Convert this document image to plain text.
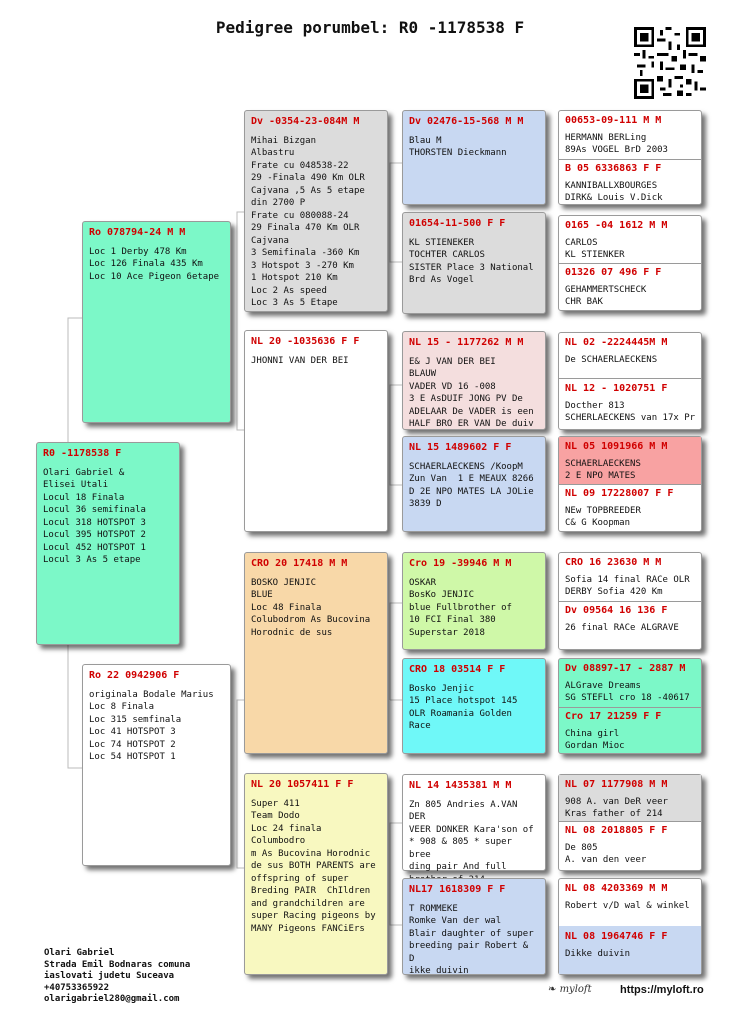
Pedigree porumbel: R0 -1178538 F
R0 -1178538 F
Olari Gabriel &
Elisei Utali
Locul 18 Finala
Locul 36 semifinala
Locul 318 HOTSPOT 3
Locul 395 HOTSPOT 2
Locul 452 HOTSPOT 1
Locul 3 As 5 etape
Ro 078794-24 M M
Loc 1 Derby 478 Km
Loc 126 Finala 435 Km
Loc 10 Ace Pigeon 6etape
Ro 22 0942906 F
originala Bodale Marius
Loc 8 Finala
Loc 315 semfinala
Loc 41 HOTSPOT 3
Loc 74 HOTSPOT 2
Loc 54 HOTSPOT 1
Dv -0354-23-084M M
Mihai Bizgan
Albastru
Frate cu 048538-22
29 -Finala 490 Km OLR
Cajvana ,5 As 5 etape
din 2700 P
Frate cu 080088-24
29 Finala 470 Km OLR
Cajvana
3 Semifinala -360 Km
3 Hotspot 3 -270 Km
1 Hotspot 210 Km
Loc 2 As speed
Loc 3 As 5 Etape
NL 20 -1035636 F F
JHONNI VAN DER BEI
CRO 20 17418 M M
BOSKO JENJIC
BLUE
Loc 48 Finala
Colubodrom As Bucovina
Horodnic de sus
NL 20 1057411 F F
Super 411
Team Dodo
Loc 24 finala Columbodro
m As Bucovina Horodnic
de sus BOTH PARENTS are
offspring of super
Breding PAIR  ChIldren
and grandchildren are
super Racing pigeons by
MANY Pigeons FANCiErs
Dv 02476-15-568 M M
Blau M
THORSTEN Dieckmann
01654-11-500 F F
KL STIENEKER
TOCHTER CARLOS
SISTER Place 3 National
Brd As Vogel
NL 15 - 1177262 M M
E& J VAN DER BEI
BLAUW
VADER VD 16 -008
3 E AsDUIF JONG PV De
ADELAAR De VADER is een
HALF BRO ER VAN De duiv
NL 15 1489602 F F
SCHAERLAECKENS /KoopM
Zun Van  1 E MEAUX 8266
D 2E NPO MATES LA JOLie
3839 D
Cro 19 -39946 M M
OSKAR
BosKo JENJIC
blue Fullbrother of
10 FCI Final 380
Superstar 2018
CRO 18 03514 F F
Bosko Jenjic
15 Place hotspot 145
OLR Roamania Golden Race
NL 14 1435381 M M
Zn 805 Andries A.VAN DER
VEER DONKER Kara'son of
* 908 & 805 * super bree
ding pair And full

NL17 1618309 F F
T ROMMEKE
Romke Van der wal
Blair daughter of super
breeding pair Robert & D
ikke duivin
00653-09-111 M M
HERMANN BERLing
89As VOGEL BrD 2003
B 05 6336863 F F
KANNIBALLXBOURGES
DIRK& Louis V.Dick
0165 -04 1612 M M
CARLOS
KL STIENKER
01326 07 496 F F
GEHAMMERTSCHECK
CHR BAK
NL 02 -2224445M M
De SCHAERLAECKENS
NL 12 - 1020751 F
Docther 813
SCHERLAECKENS van 17x Pr
NL 05 1091966 M M
SCHAERLAECKENS
2 E NPO MATES
NL 09 17228007 F F
NEw TOPBREEDER
C& G Koopman
CRO 16 23630 M M
Sofia 14 final RACe OLR
DERBY Sofia 420 Km
Dv 09564 16 136 F
26 final RACe ALGRAVE
Dv 08897-17 - 2887 M
ALGrave Dreams
SG STEFLl cro 18 -40617
Cro 17 21259 F F
China girl
Gordan Mioc
NL 07 1177908 M M
908 A. van DeR veer
Kras father of 214
NL 08 2018805 F F
De 805
A. van den veer
NL 08 4203369 M M
Robert v/D wal & winkel
NL 08 1964746 F F
Dikke duivin
Olari Gabriel
Strada Emil Bodnaras comuna
iaslovati judetu Suceava
+40753365922
olarigabriel280@gmail.com
❧ myloft	https://myloft.ro
